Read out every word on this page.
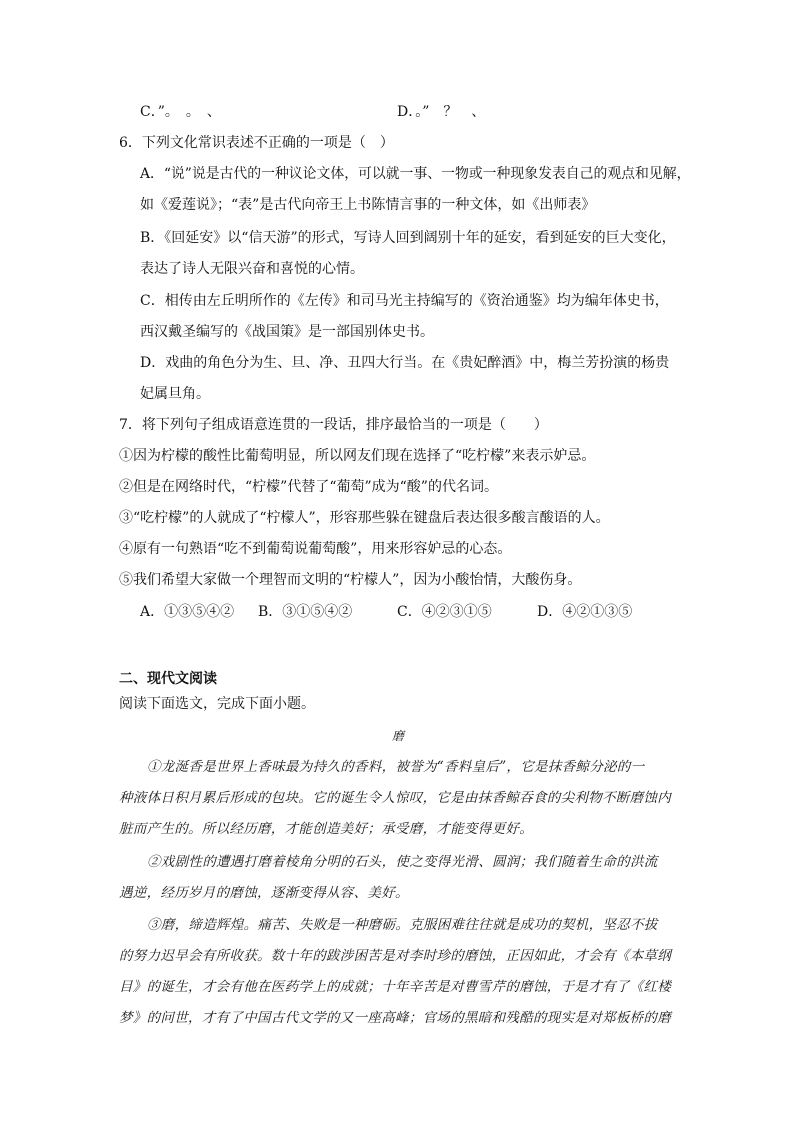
C．”。　。　、	D．。”　？　、
6．下列文化常识表述不正确的一项是（　）
A．“说”说是古代的一种议论文体，可以就一事、一物或一种现象发表自己的观点和见解，
如《爱莲说》；“表”是古代向帝王上书陈情言事的一种文体，如《出师表》
B．《回延安》以“信天游”的形式，写诗人回到阔别十年的延安，看到延安的巨大变化，
表达了诗人无限兴奋和喜悦的心情。
C．相传由左丘明所作的《左传》和司马光主持编写的《资治通鉴》均为编年体史书，
西汉戴圣编写的《战国策》是一部国别体史书。
D．戏曲的角色分为生、旦、净、丑四大行当。在《贵妃醉酒》中，梅兰芳扮演的杨贵
妃属旦角。
7．将下列句子组成语意连贯的一段话，排序最恰当的一项是（　　）
①因为柠檬的酸性比葡萄明显，所以网友们现在选择了“吃柠檬”来表示妒忌。
②但是在网络时代，“柠檬”代替了“葡萄”成为“酸”的代名词。
③“吃柠檬”的人就成了“柠檬人”，形容那些躲在键盘后表达很多酸言酸语的人。
④原有一句熟语“吃不到葡萄说葡萄酸”，用来形容妒忌的心态。
⑤我们希望大家做一个理智而文明的“柠檬人”，因为小酸怡情，大酸伤身。
A．①③⑤④② B．③①⑤④②	C．④②③①⑤	D．④②①③⑤
二、现代文阅读
阅读下面选文，完成下面小题。
磨
①龙涎香是世界上香味最为持久的香料，被誉为“香料皇后”，它是抹香鲸分泌的一
种液体日积月累后形成的包块。它的诞生令人惊叹，它是由抹香鲸吞食的尖利物不断磨蚀内
脏而产生的。所以经历磨，才能创造美好；承受磨，才能变得更好。
②戏剧性的遭遇打磨着棱角分明的石头，使之变得光滑、圆润；我们随着生命的洪流
遇逆，经历岁月的磨蚀，逐渐变得从容、美好。
③磨，缔造辉煌。痛苦、失败是一种磨砺。克服困难往往就是成功的契机，坚忍不拔
的努力迟早会有所收获。数十年的跋涉困苦是对李时珍的磨蚀，正因如此，才会有《本草纲
目》的诞生，才会有他在医药学上的成就；十年辛苦是对曹雪芹的磨蚀，于是才有了《红楼
梦》的问世，才有了中国古代文学的又一座高峰；官场的黑暗和残酷的现实是对郑板桥的磨
